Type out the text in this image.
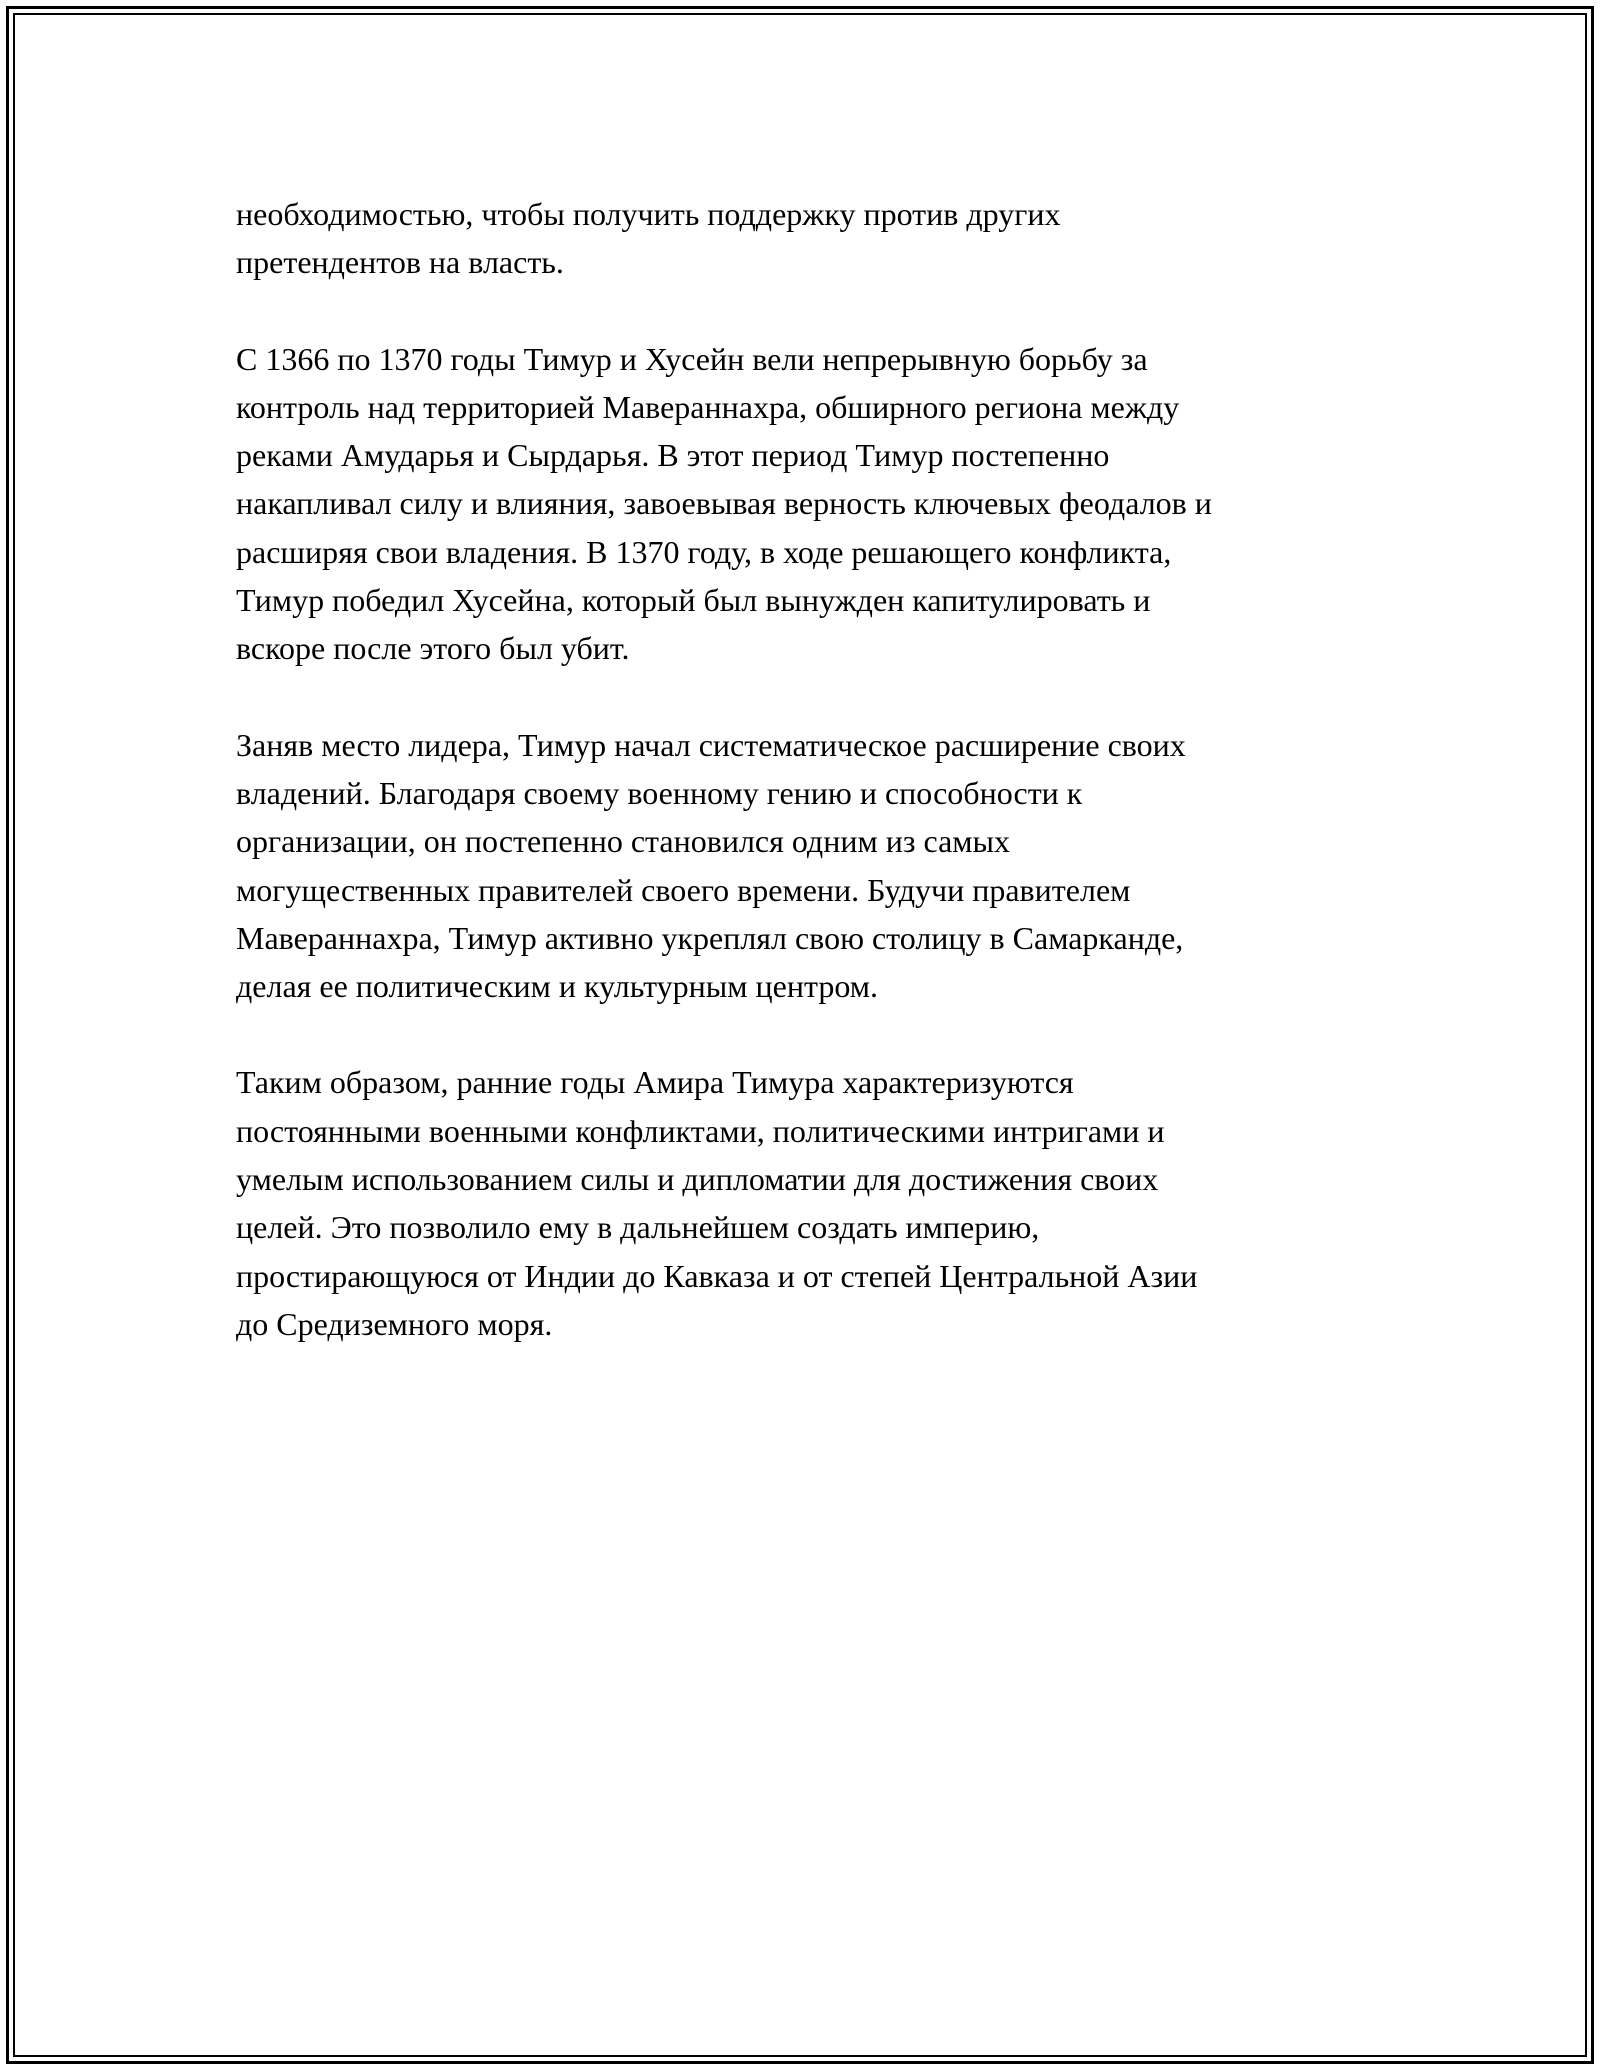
необходимостью, чтобы получить поддержку против других
претендентов на власть.

С 1366 по 1370 годы Тимур и Хусейн вели непрерывную борьбу за
контроль над территорией Мавераннахра, обширного региона между
реками Амударья и Сырдарья. В этот период Тимур постепенно
накапливал силу и влияния, завоевывая верность ключевых феодалов и
расширяя свои владения. В 1370 году, в ходе решающего конфликта,
Тимур победил Хусейна, который был вынужден капитулировать и
вскоре после этого был убит.

Заняв место лидера, Тимур начал систематическое расширение своих
владений. Благодаря своему военному гению и способности к
организации, он постепенно становился одним из самых
могущественных правителей своего времени. Будучи правителем
Мавераннахра, Тимур активно укреплял свою столицу в Самарканде,
делая ее политическим и культурным центром.

Таким образом, ранние годы Амира Тимура характеризуются
постоянными военными конфликтами, политическими интригами и
умелым использованием силы и дипломатии для достижения своих
целей. Это позволило ему в дальнейшем создать империю,
простирающуюся от Индии до Кавказа и от степей Центральной Азии
до Средиземного моря.
